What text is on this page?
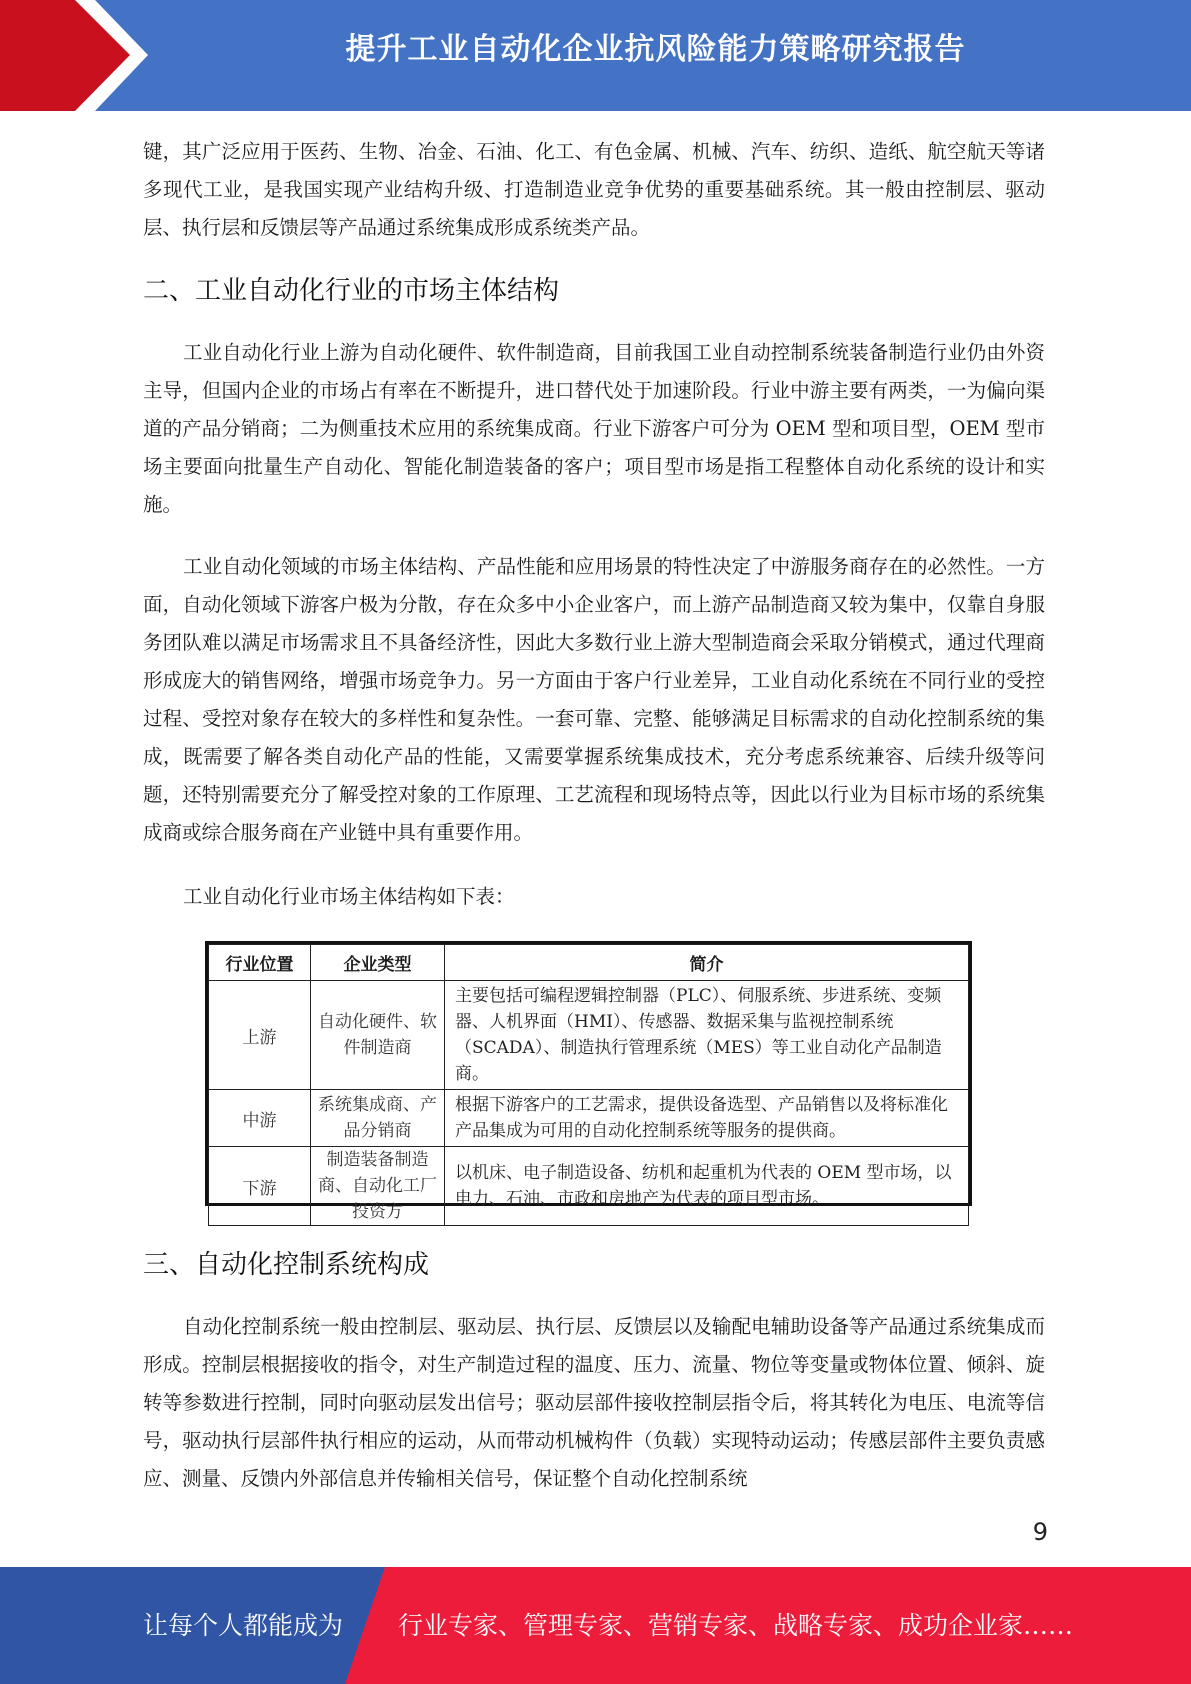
提升工业自动化企业抗风险能力策略研究报告
键，其广泛应用于医药、生物、冶金、石油、化工、有色金属、机械、汽车、纺织、造纸、航空航天等诸多现代工业，是我国实现产业结构升级、打造制造业竞争优势的重要基础系统。其一般由控制层、驱动层、执行层和反馈层等产品通过系统集成形成系统类产品。
二、工业自动化行业的市场主体结构
工业自动化行业上游为自动化硬件、软件制造商，目前我国工业自动控制系统装备制造行业仍由外资主导，但国内企业的市场占有率在不断提升，进口替代处于加速阶段。行业中游主要有两类，一为偏向渠道的产品分销商；二为侧重技术应用的系统集成商。行业下游客户可分为 OEM 型和项目型，OEM 型市场主要面向批量生产自动化、智能化制造装备的客户；项目型市场是指工程整体自动化系统的设计和实施。
工业自动化领域的市场主体结构、产品性能和应用场景的特性决定了中游服务商存在的必然性。一方面，自动化领域下游客户极为分散，存在众多中小企业客户，而上游产品制造商又较为集中，仅靠自身服务团队难以满足市场需求且不具备经济性，因此大多数行业上游大型制造商会采取分销模式，通过代理商形成庞大的销售网络，增强市场竞争力。另一方面由于客户行业差异，工业自动化系统在不同行业的受控过程、受控对象存在较大的多样性和复杂性。一套可靠、完整、能够满足目标需求的自动化控制系统的集成，既需要了解各类自动化产品的性能，又需要掌握系统集成技术，充分考虑系统兼容、后续升级等问题，还特别需要充分了解受控对象的工作原理、工艺流程和现场特点等，因此以行业为目标市场的系统集成商或综合服务商在产业链中具有重要作用。
工业自动化行业市场主体结构如下表：
行业位置	企业类型	简介
上游	自动化硬件、软件制造商	主要包括可编程逻辑控制器（PLC）、伺服系统、步进系统、变频器、人机界面（HMI）、传感器、数据采集与监视控制系统（SCADA）、制造执行管理系统（MES）等工业自动化产品制造商。
中游	系统集成商、产品分销商	根据下游客户的工艺需求，提供设备选型、产品销售以及将标准化产品集成为可用的自动化控制系统等服务的提供商。
下游	制造装备制造商、自动化工厂投资方	以机床、电子制造设备、纺机和起重机为代表的 OEM 型市场，以电力、石油、市政和房地产为代表的项目型市场。
三、自动化控制系统构成
自动化控制系统一般由控制层、驱动层、执行层、反馈层以及输配电辅助设备等产品通过系统集成而形成。控制层根据接收的指令，对生产制造过程的温度、压力、流量、物位等变量或物体位置、倾斜、旋转等参数进行控制，同时向驱动层发出信号；驱动层部件接收控制层指令后，将其转化为电压、电流等信号，驱动执行层部件执行相应的运动，从而带动机械构件（负载）实现特动运动；传感层部件主要负责感应、测量、反馈内外部信息并传输相关信号，保证整个自动化控制系统
9
让每个人都能成为 行业专家、管理专家、营销专家、战略专家、成功企业家……
